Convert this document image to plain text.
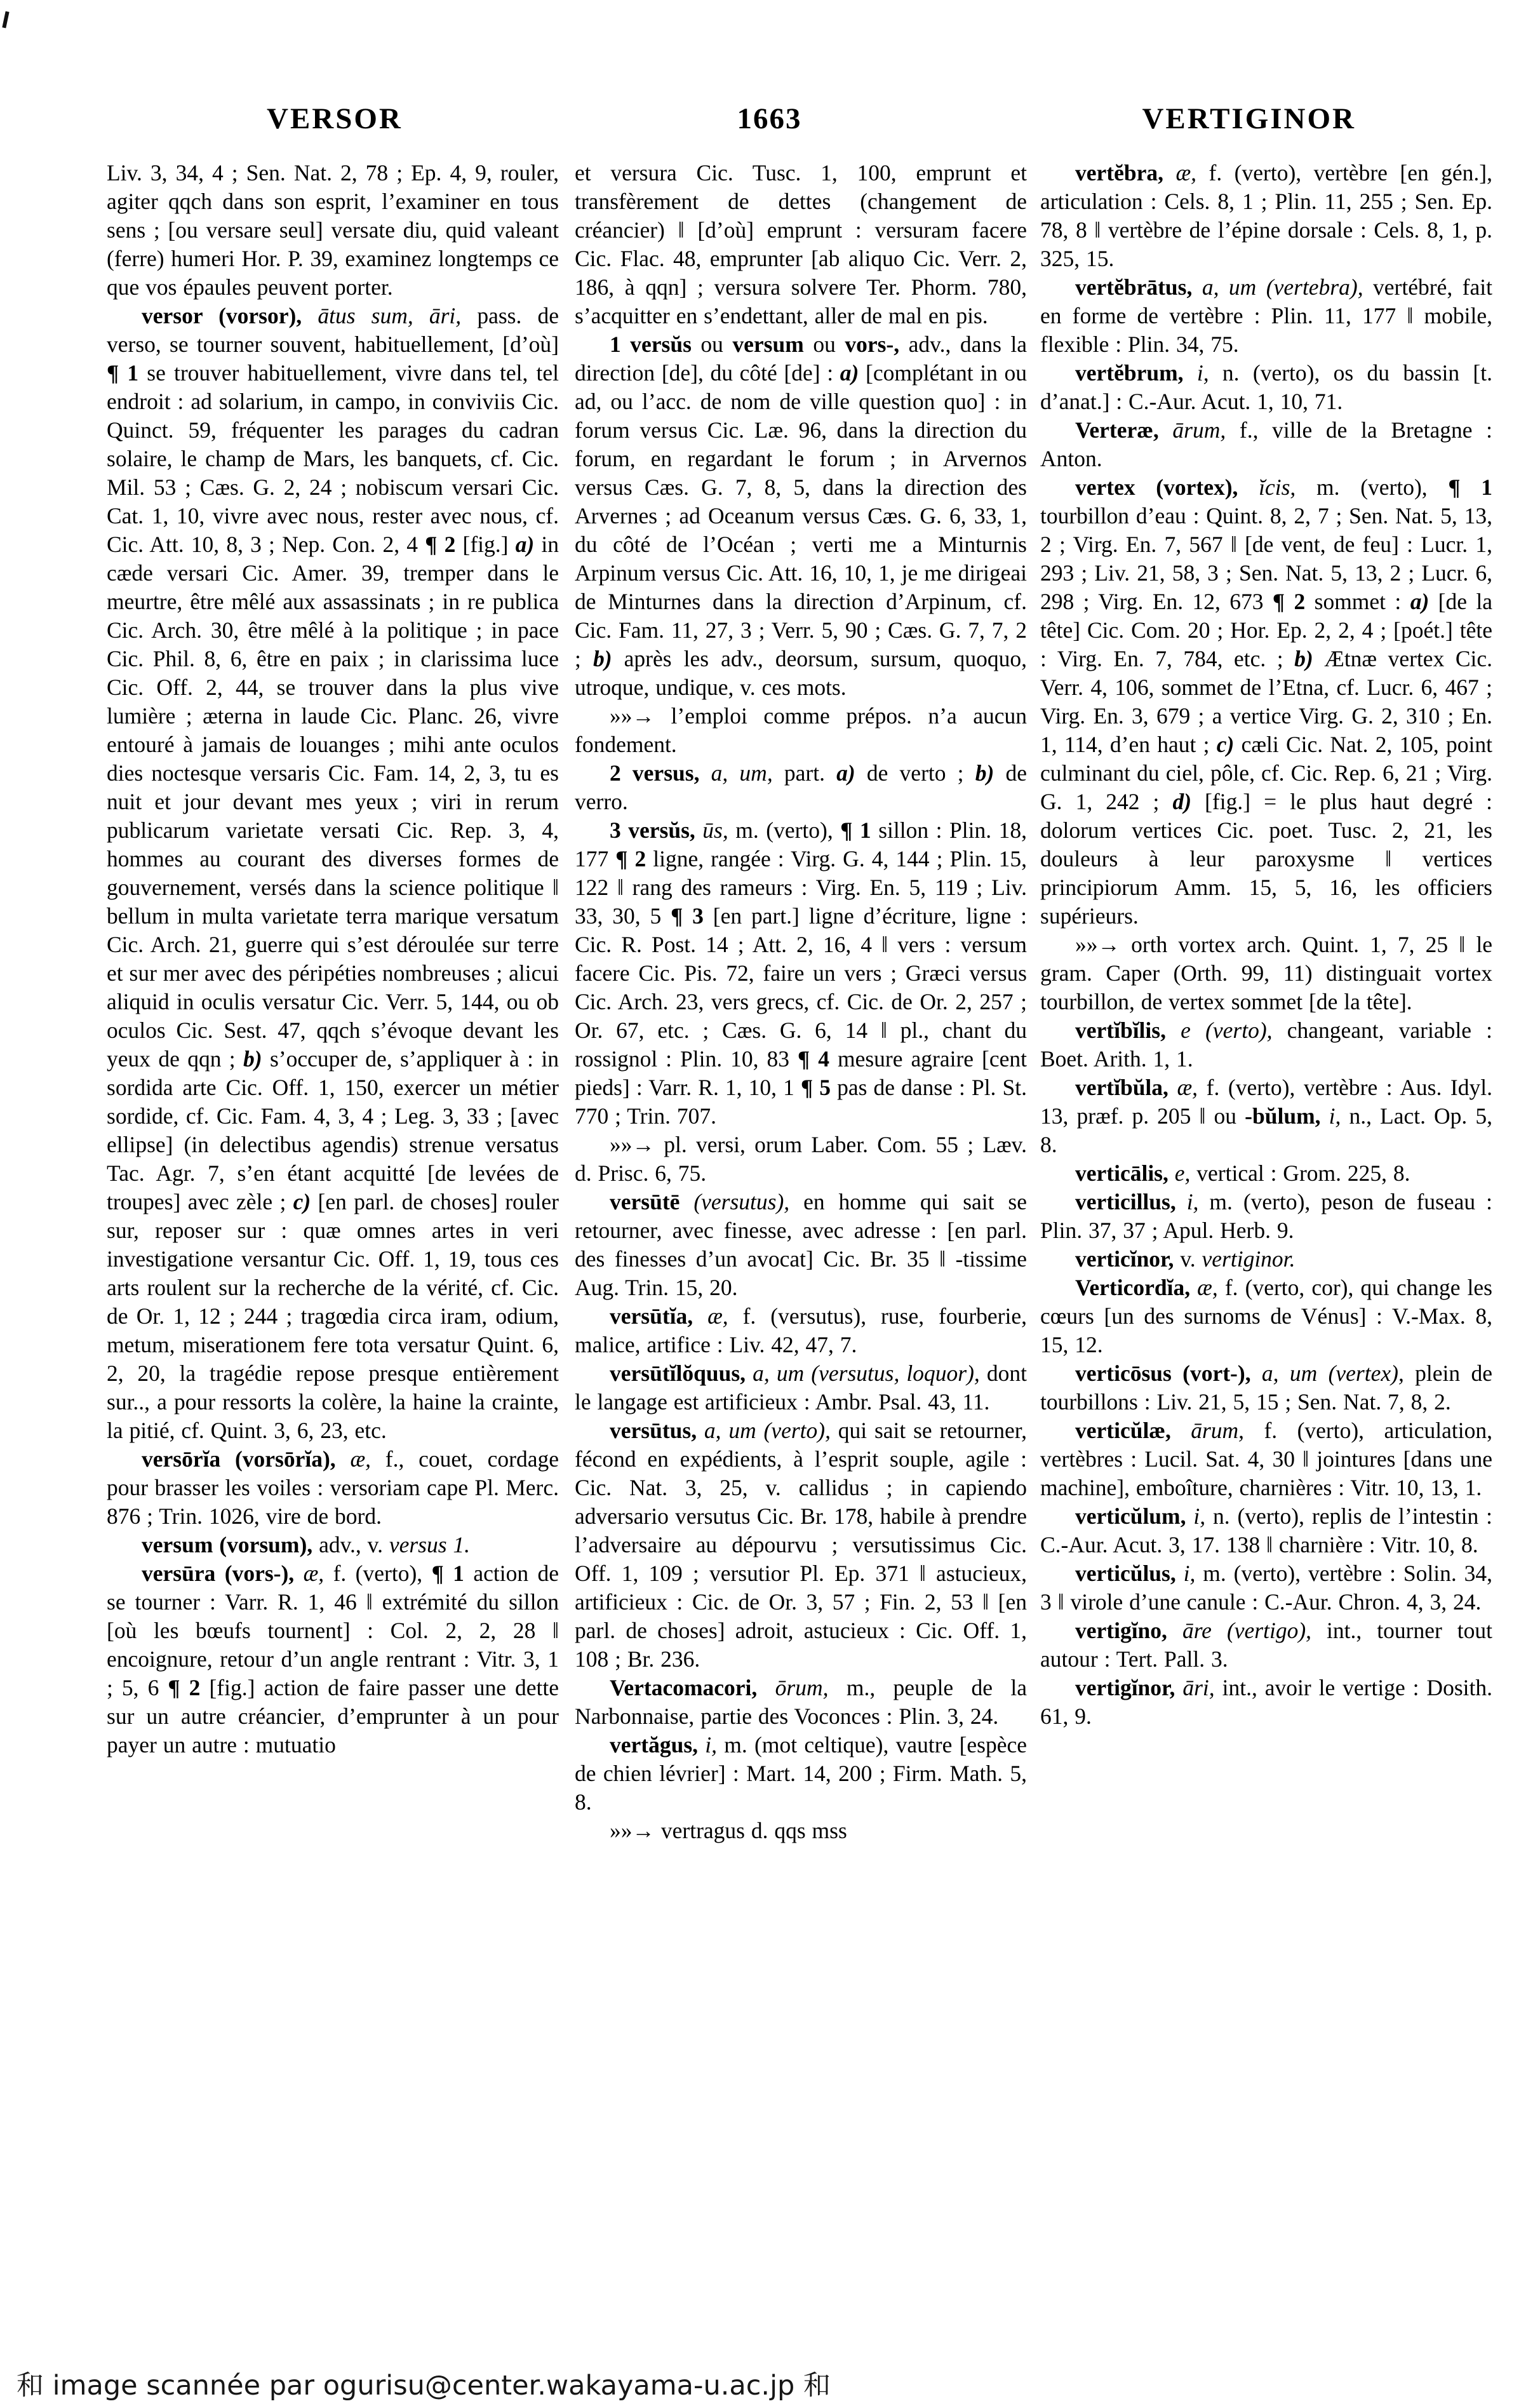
VERSOR	1663	VERTIGINOR

Liv. 3, 34, 4 ; Sen. Nat. 2, 78 ; Ep. 4, 9, rouler, agiter qqch dans son esprit, l’examiner en tous sens ; [ou versare seul] versate diu, quid valeant (ferre) humeri Hor. P. 39, examinez longtemps ce que vos épaules peuvent porter.

versor (vorsor), ātus sum, āri, pass. de verso, se tourner souvent, habituellement, [d’où] ¶ 1 se trouver habituellement, vivre dans tel, tel endroit : ad solarium, in campo, in conviviis Cic. Quinct. 59, fréquenter les parages du cadran solaire, le champ de Mars, les banquets, cf. Cic. Mil. 53 ; Cæs. G. 2, 24 ; nobiscum versari Cic. Cat. 1, 10, vivre avec nous, rester avec nous, cf. Cic. Att. 10, 8, 3 ; Nep. Con. 2, 4 ¶ 2 [fig.] a) in cæde versari Cic. Amer. 39, tremper dans le meurtre, être mêlé aux assassinats ; in re publica Cic. Arch. 30, être mêlé à la politique ; in pace Cic. Phil. 8, 6, être en paix ; in clarissima luce Cic. Off. 2, 44, se trouver dans la plus vive lumière ; æterna in laude Cic. Planc. 26, vivre entouré à jamais de louanges ; mihi ante oculos dies noctesque versaris Cic. Fam. 14, 2, 3, tu es nuit et jour devant mes yeux ; viri in rerum publicarum varietate versati Cic. Rep. 3, 4, hommes au courant des diverses formes de gouvernement, versés dans la science politique ‖ bellum in multa varietate terra marique versatum Cic. Arch. 21, guerre qui s’est déroulée sur terre et sur mer avec des péripéties nombreuses ; alicui aliquid in oculis versatur Cic. Verr. 5, 144, ou ob oculos Cic. Sest. 47, qqch s’évoque devant les yeux de qqn ; b) s’occuper de, s’appliquer à : in sordida arte Cic. Off. 1, 150, exercer un métier sordide, cf. Cic. Fam. 4, 3, 4 ; Leg. 3, 33 ; [avec ellipse] (in delectibus agendis) strenue versatus Tac. Agr. 7, s’en étant acquitté [de levées de troupes] avec zèle ; c) [en parl. de choses] rouler sur, reposer sur : quæ omnes artes in veri investigatione versantur Cic. Off. 1, 19, tous ces arts roulent sur la recherche de la vérité, cf. Cic. de Or. 1, 12 ; 244 ; tragœdia circa iram, odium, metum, miserationem fere tota versatur Quint. 6, 2, 20, la tragédie repose presque entièrement sur.., a pour ressorts la colère, la haine la crainte, la pitié, cf. Quint. 3, 6, 23, etc.

versōrĭa (vorsōrĭa), æ, f., couet, cordage pour brasser les voiles : versoriam cape Pl. Merc. 876 ; Trin. 1026, vire de bord.

versum (vorsum), adv., v. versus 1.

versūra (vors-), æ, f. (verto), ¶ 1 action de se tourner : Varr. R. 1, 46 ‖ extrémité du sillon [où les bœufs tournent] : Col. 2, 2, 28 ‖ encoignure, retour d’un angle rentrant : Vitr. 3, 1 ; 5, 6 ¶ 2 [fig.] action de faire passer une dette sur un autre créancier, d’emprunter à un pour payer un autre : mutuatio

et versura Cic. Tusc. 1, 100, emprunt et transfèrement de dettes (changement de créancier) ‖ [d’où] emprunt : versuram facere Cic. Flac. 48, emprunter [ab aliquo Cic. Verr. 2, 186, à qqn] ; versura solvere Ter. Phorm. 780, s’acquitter en s’endettant, aller de mal en pis.

1 versŭs ou versum ou vors-, adv., dans la direction [de], du côté [de] : a) [complétant in ou ad, ou l’acc. de nom de ville question quo] : in forum versus Cic. Læ. 96, dans la direction du forum, en regardant le forum ; in Arvernos versus Cæs. G. 7, 8, 5, dans la direction des Arvernes ; ad Oceanum versus Cæs. G. 6, 33, 1, du côté de l’Océan ; verti me a Minturnis Arpinum versus Cic. Att. 16, 10, 1, je me dirigeai de Minturnes dans la direction d’Arpinum, cf. Cic. Fam. 11, 27, 3 ; Verr. 5, 90 ; Cæs. G. 7, 7, 2 ; b) après les adv., deorsum, sursum, quoquo, utroque, undique, v. ces mots.

»»→ l’emploi comme prépos. n’a aucun fondement.

2 versus, a, um, part. a) de verto ; b) de verro.

3 versŭs, ūs, m. (verto), ¶ 1 sillon : Plin. 18, 177 ¶ 2 ligne, rangée : Virg. G. 4, 144 ; Plin. 15, 122 ‖ rang des rameurs : Virg. En. 5, 119 ; Liv. 33, 30, 5 ¶ 3 [en part.] ligne d’écriture, ligne : Cic. R. Post. 14 ; Att. 2, 16, 4 ‖ vers : versum facere Cic. Pis. 72, faire un vers ; Græci versus Cic. Arch. 23, vers grecs, cf. Cic. de Or. 2, 257 ; Or. 67, etc. ; Cæs. G. 6, 14 ‖ pl., chant du rossignol : Plin. 10, 83 ¶ 4 mesure agraire [cent pieds] : Varr. R. 1, 10, 1 ¶ 5 pas de danse : Pl. St. 770 ; Trin. 707.

»»→ pl. versi, orum Laber. Com. 55 ; Læv. d. Prisc. 6, 75.

versūtē (versutus), en homme qui sait se retourner, avec finesse, avec adresse : [en parl. des finesses d’un avocat] Cic. Br. 35 ‖ -tissime Aug. Trin. 15, 20.

versūtĭa, æ, f. (versutus), ruse, fourberie, malice, artifice : Liv. 42, 47, 7.

versūtĭlŏquus, a, um (versutus, loquor), dont le langage est artificieux : Ambr. Psal. 43, 11.

versūtus, a, um (verto), qui sait se retourner, fécond en expédients, à l’esprit souple, agile : Cic. Nat. 3, 25, v. callidus ; in capiendo adversario versutus Cic. Br. 178, habile à prendre l’adversaire au dépourvu ; versutissimus Cic. Off. 1, 109 ; versutior Pl. Ep. 371 ‖ astucieux, artificieux : Cic. de Or. 3, 57 ; Fin. 2, 53 ‖ [en parl. de choses] adroit, astucieux : Cic. Off. 1, 108 ; Br. 236.

Vertacomacori, ōrum, m., peuple de la Narbonnaise, partie des Voconces : Plin. 3, 24.

vertăgus, i, m. (mot celtique), vautre [espèce de chien lévrier] : Mart. 14, 200 ; Firm. Math. 5, 8.

»»→ vertragus d. qqs mss

vertĕbra, æ, f. (verto), vertèbre [en gén.], articulation : Cels. 8, 1 ; Plin. 11, 255 ; Sen. Ep. 78, 8 ‖ vertèbre de l’épine dorsale : Cels. 8, 1, p. 325, 15.

vertĕbrātus, a, um (vertebra), vertébré, fait en forme de vertèbre : Plin. 11, 177 ‖ mobile, flexible : Plin. 34, 75.

vertĕbrum, i, n. (verto), os du bassin [t. d’anat.] : C.-Aur. Acut. 1, 10, 71.

Verteræ, ārum, f., ville de la Bretagne : Anton.

vertex (vortex), ĭcis, m. (verto), ¶ 1 tourbillon d’eau : Quint. 8, 2, 7 ; Sen. Nat. 5, 13, 2 ; Virg. En. 7, 567 ‖ [de vent, de feu] : Lucr. 1, 293 ; Liv. 21, 58, 3 ; Sen. Nat. 5, 13, 2 ; Lucr. 6, 298 ; Virg. En. 12, 673 ¶ 2 sommet : a) [de la tête] Cic. Com. 20 ; Hor. Ep. 2, 2, 4 ; [poét.] tête : Virg. En. 7, 784, etc. ; b) Ætnæ vertex Cic. Verr. 4, 106, sommet de l’Etna, cf. Lucr. 6, 467 ; Virg. En. 3, 679 ; a vertice Virg. G. 2, 310 ; En. 1, 114, d’en haut ; c) cæli Cic. Nat. 2, 105, point culminant du ciel, pôle, cf. Cic. Rep. 6, 21 ; Virg. G. 1, 242 ; d) [fig.] = le plus haut degré : dolorum vertices Cic. poet. Tusc. 2, 21, les douleurs à leur paroxysme ‖ vertices principiorum Amm. 15, 5, 16, les officiers supérieurs.

»»→ orth vortex arch. Quint. 1, 7, 25 ‖ le gram. Caper (Orth. 99, 11) distinguait vortex tourbillon, de vertex sommet [de la tête].

vertĭbĭlis, e (verto), changeant, variable : Boet. Arith. 1, 1.

vertĭbŭla, æ, f. (verto), vertèbre : Aus. Idyl. 13, præf. p. 205 ‖ ou -bŭlum, i, n., Lact. Op. 5, 8.

verticālis, e, vertical : Grom. 225, 8.

verticillus, i, m. (verto), peson de fuseau : Plin. 37, 37 ; Apul. Herb. 9.

verticĭnor, v. vertiginor.

Verticordĭa, æ, f. (verto, cor), qui change les cœurs [un des surnoms de Vénus] : V.-Max. 8, 15, 12.

verticōsus (vort-), a, um (vertex), plein de tourbillons : Liv. 21, 5, 15 ; Sen. Nat. 7, 8, 2.

verticŭlæ, ārum, f. (verto), articulation, vertèbres : Lucil. Sat. 4, 30 ‖ jointures [dans une machine], emboîture, charnières : Vitr. 10, 13, 1.

verticŭlum, i, n. (verto), replis de l’intestin : C.-Aur. Acut. 3, 17. 138 ‖ charnière : Vitr. 10, 8.

verticŭlus, i, m. (verto), vertèbre : Solin. 34, 3 ‖ virole d’une canule : C.-Aur. Chron. 4, 3, 24.

vertigĭno, āre (vertigo), int., tourner tout autour : Tert. Pall. 3.

vertigĭnor, āri, int., avoir le vertige : Dosith. 61, 9.

和 image scannée par ogurisu@center.wakayama-u.ac.jp 和
